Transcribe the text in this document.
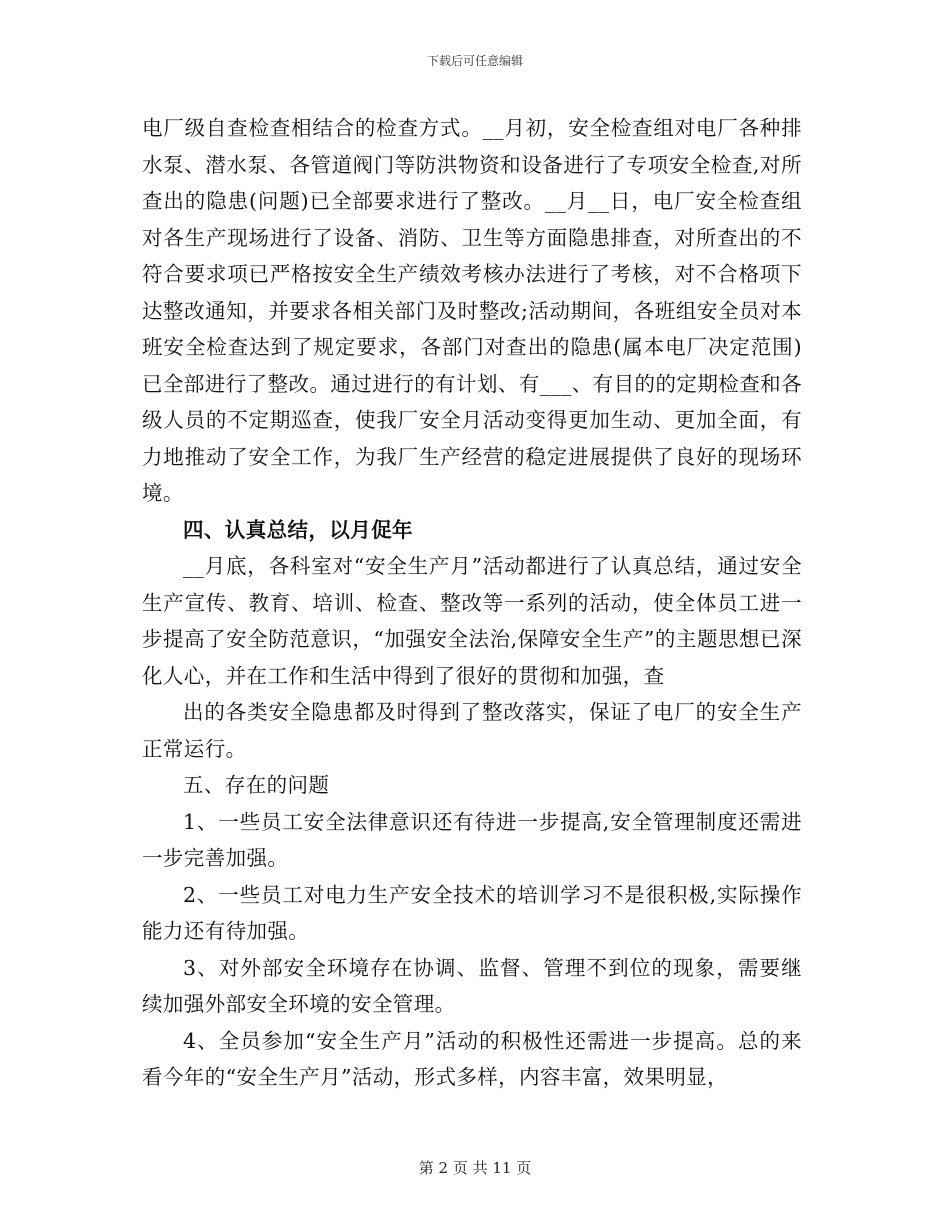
下载后可任意编辑

电厂级自查检查相结合的检查方式。__月初，安全检查组对电厂各种排水泵、潜水泵、各管道阀门等防洪物资和设备进行了专项安全检查,对所查出的隐患(问题)已全部要求进行了整改。__月__日，电厂安全检查组对各生产现场进行了设备、消防、卫生等方面隐患排查，对所查出的不符合要求项已严格按安全生产绩效考核办法进行了考核，对不合格项下达整改通知，并要求各相关部门及时整改;活动期间，各班组安全员对本班安全检查达到了规定要求，各部门对查出的隐患(属本电厂决定范围)已全部进行了整改。通过进行的有计划、有___、有目的的定期检查和各级人员的不定期巡查，使我厂安全月活动变得更加生动、更加全面，有力地推动了安全工作，为我厂生产经营的稳定进展提供了良好的现场环境。

四、认真总结，以月促年

__月底，各科室对“安全生产月”活动都进行了认真总结，通过安全生产宣传、教育、培训、检查、整改等一系列的活动，使全体员工进一步提高了安全防范意识，“加强安全法治,保障安全生产”的主题思想已深化人心，并在工作和生活中得到了很好的贯彻和加强，查

出的各类安全隐患都及时得到了整改落实，保证了电厂的安全生产正常运行。

五、存在的问题

1、一些员工安全法律意识还有待进一步提高,安全管理制度还需进一步完善加强。

2、一些员工对电力生产安全技术的培训学习不是很积极,实际操作能力还有待加强。

3、对外部安全环境存在协调、监督、管理不到位的现象，需要继续加强外部安全环境的安全管理。

4、全员参加“安全生产月”活动的积极性还需进一步提高。总的来看今年的“安全生产月”活动，形式多样，内容丰富，效果明显，

第 2 页 共 11 页
